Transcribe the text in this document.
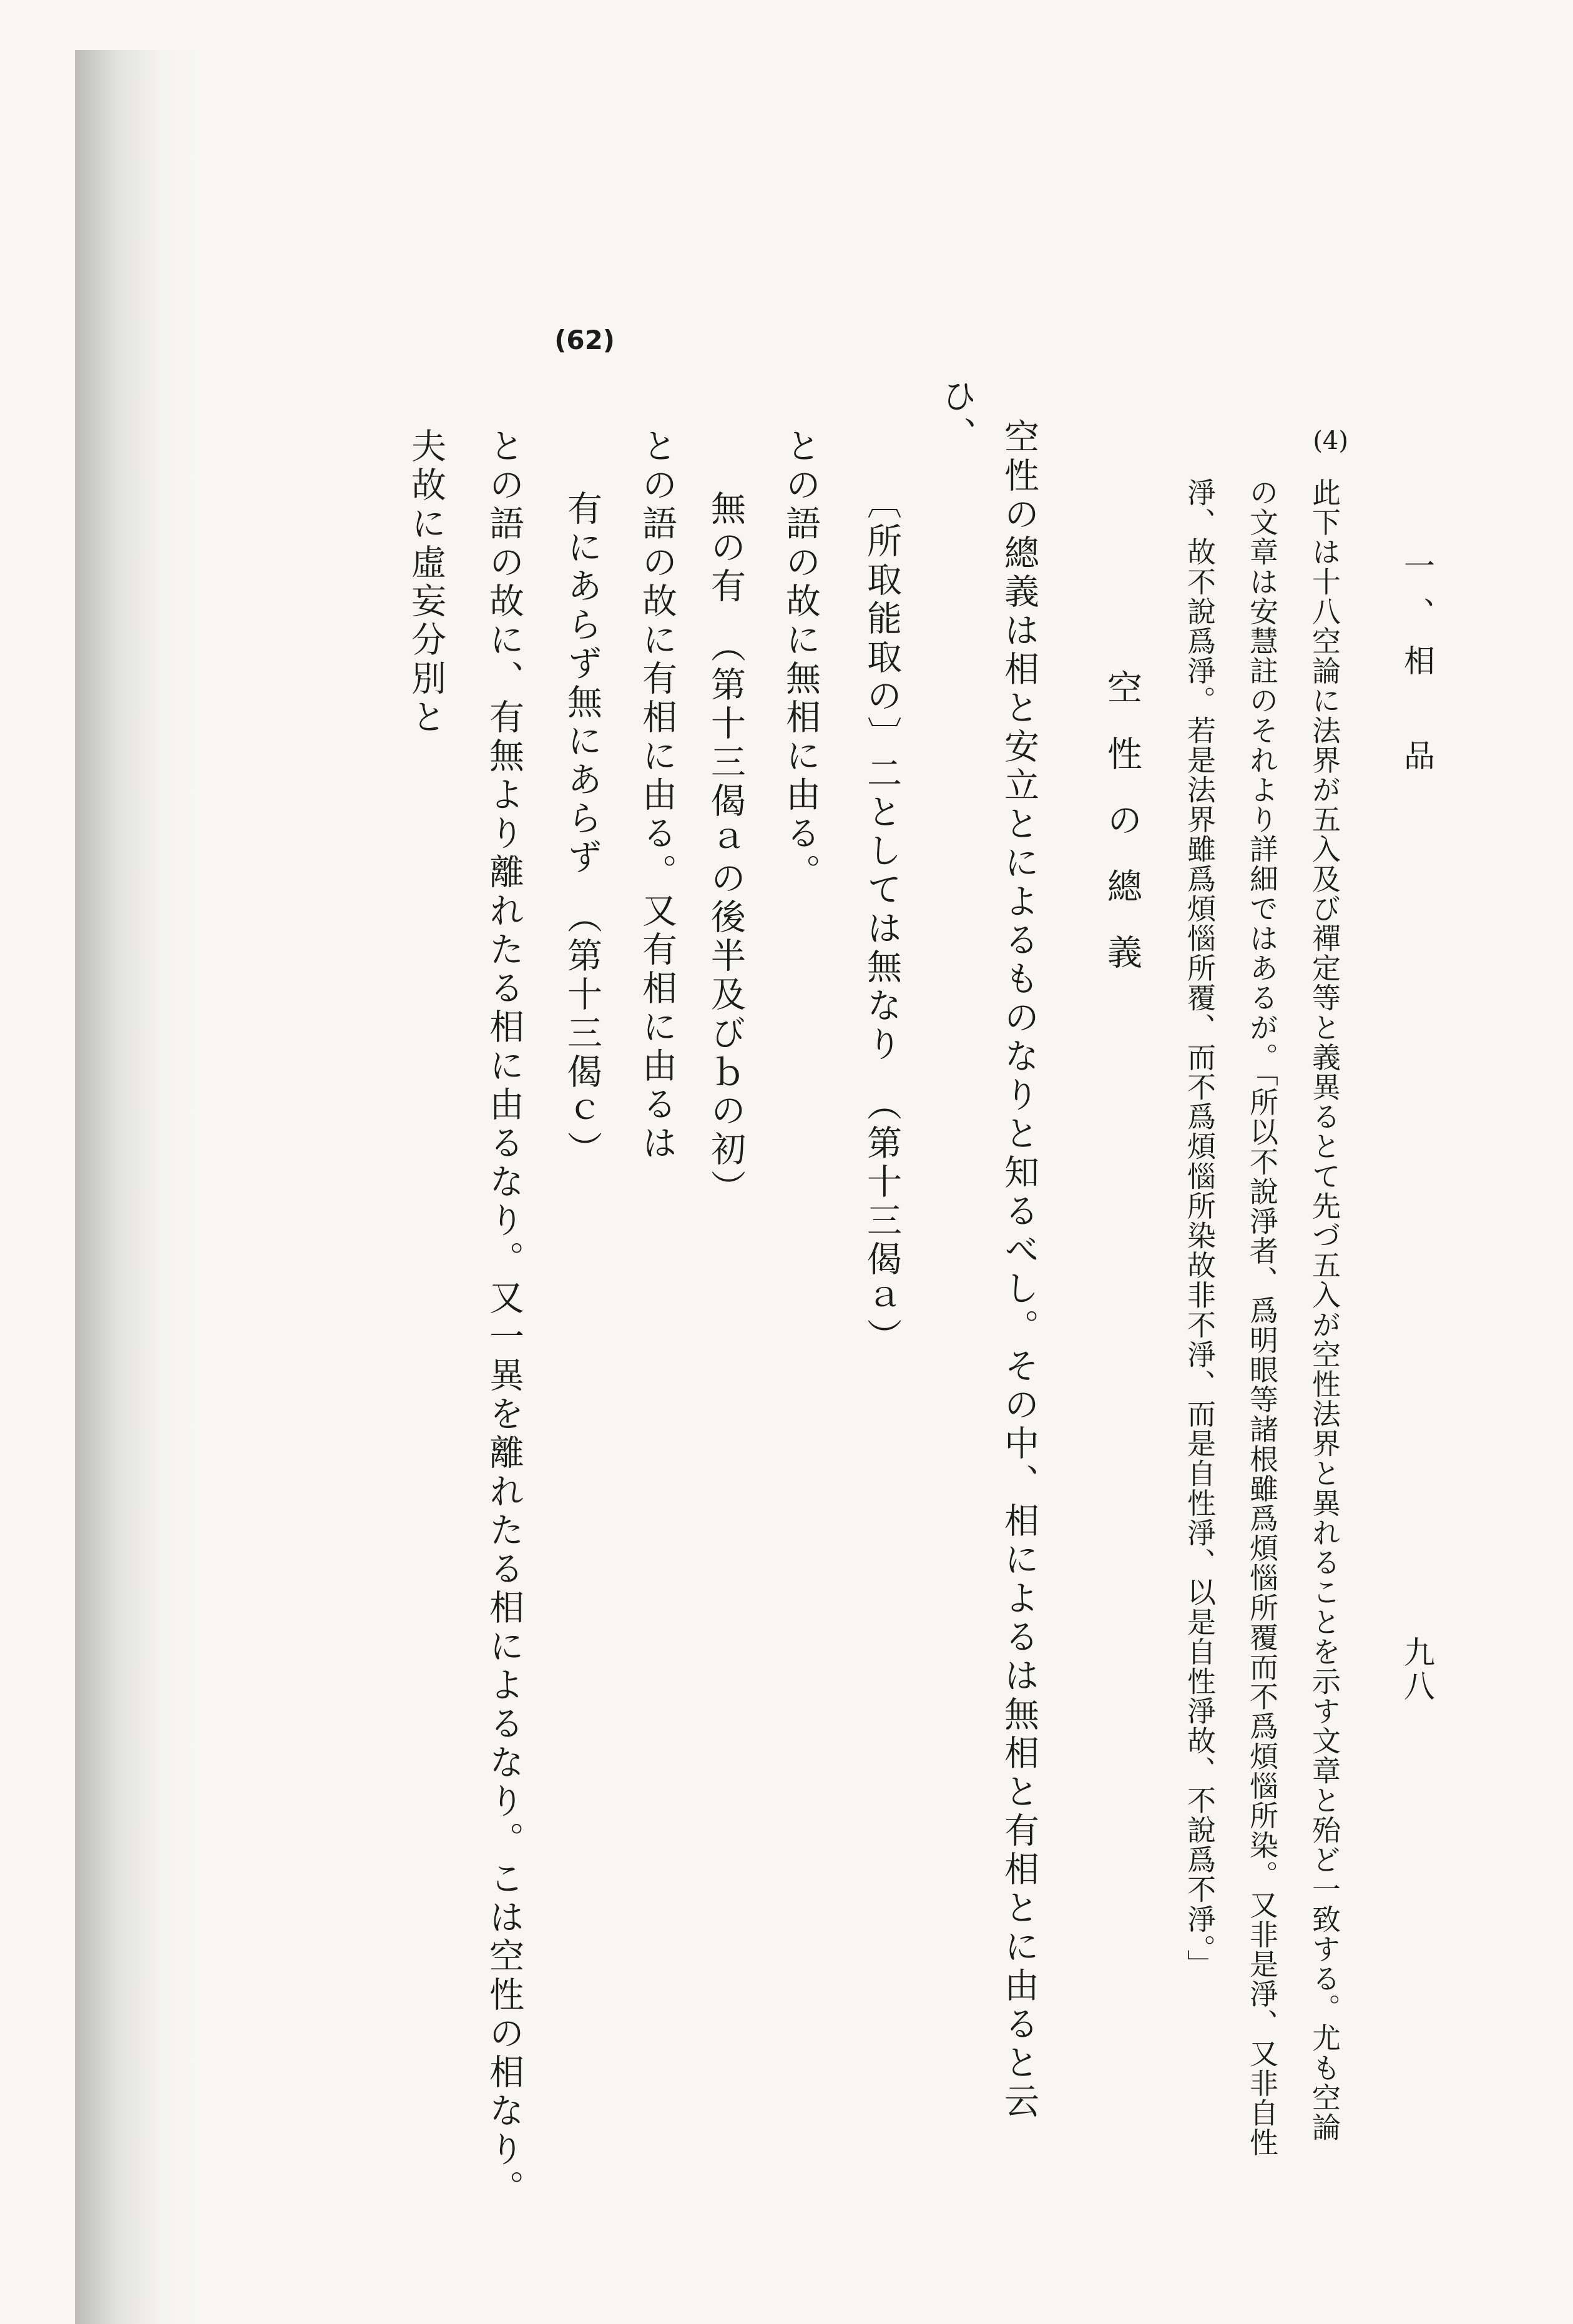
一、相　品
九八
(4)
此下は十八空論に法界が五入及び禪定等と義異るとて先づ五入が空性法界と異れることを示す文章と殆ど一致する。尤も空論
の文章は安慧註のそれより詳細ではあるが。「所以不說淨者、爲明眼等諸根雖爲煩惱所覆而不爲煩惱所染。又非是淨、又非自性
淨、故不說爲淨。若是法界雖爲煩惱所覆、而不爲煩惱所染故非不淨、而是自性淨、以是自性淨故、不說爲不淨。」
空性の總義
空性の總義は相と安立とによるものなりと知るべし。その中、相によるは無相と有相とに由ると云
ひ、
〔所取能取の〕二としては無なり　（第十三偈ａ）
との語の故に無相に由る。
無の有　（第十三偈ａの後半及びｂの初）
との語の故に有相に由る。又有相に由るは
有にあらず無にあらず　（第十三偈ｃ）
との語の故に、有無より離れたる相に由るなり。又一異を離れたる相によるなり。こは空性の相なり。
夫故に虛妄分別と
(62)
